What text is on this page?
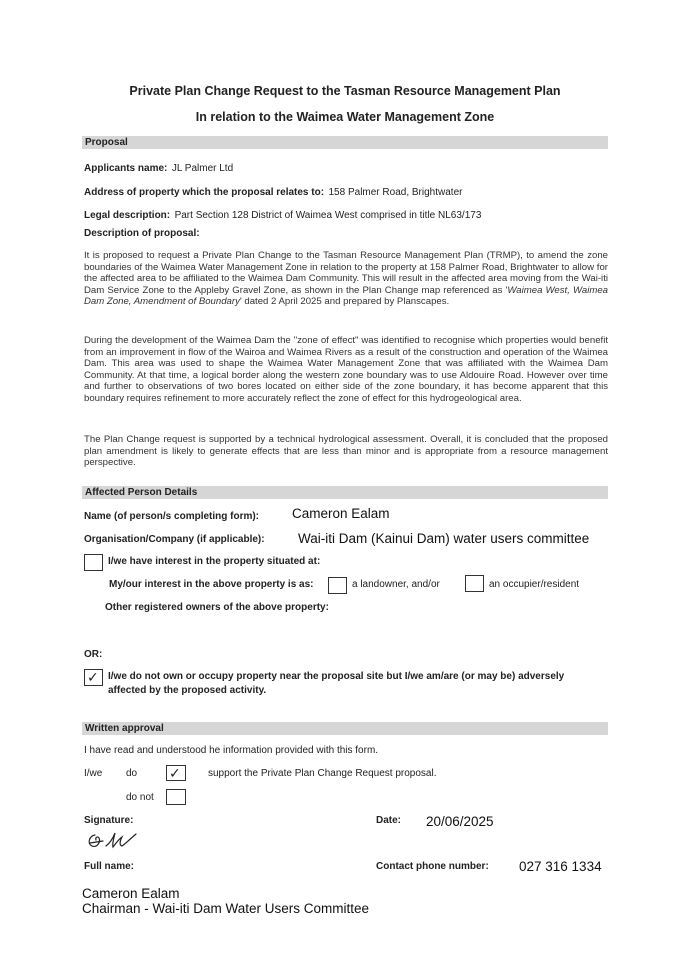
Private Plan Change Request to the Tasman Resource Management Plan
In relation to the Waimea Water Management Zone
Proposal
Applicants name: JL Palmer Ltd
Address of property which the proposal relates to: 158 Palmer Road, Brightwater
Legal description: Part Section 128 District of Waimea West comprised in title NL63/173
Description of proposal:
It is proposed to request a Private Plan Change to the Tasman Resource Management Plan (TRMP), to amend the zone boundaries of the Waimea Water Management Zone in relation to the property at 158 Palmer Road, Brightwater to allow for the affected area to be affiliated to the Waimea Dam Community. This will result in the affected area moving from the Wai-iti Dam Service Zone to the Appleby Gravel Zone, as shown in the Plan Change map referenced as 'Waimea West, Waimea Dam Zone, Amendment of Boundary' dated 2 April 2025 and prepared by Planscapes.
During the development of the Waimea Dam the "zone of effect" was identified to recognise which properties would benefit from an improvement in flow of the Wairoa and Waimea Rivers as a result of the construction and operation of the Waimea Dam. This area was used to shape the Waimea Water Management Zone that was affiliated with the Waimea Dam Community. At that time, a logical border along the western zone boundary was to use Aldouire Road. However over time and further to observations of two bores located on either side of the zone boundary, it has become apparent that this boundary requires refinement to more accurately reflect the zone of effect for this hydrogeological area.
The Plan Change request is supported by a technical hydrological assessment. Overall, it is concluded that the proposed plan amendment is likely to generate effects that are less than minor and is appropriate from a resource management perspective.
Affected Person Details
Name (of person/s completing form): Cameron Ealam
Organisation/Company (if applicable): Wai-iti Dam (Kainui Dam) water users committee
I/we have interest in the property situated at:
My/our interest in the above property is as:	a landowner, and/or	an occupier/resident
Other registered owners of the above property:
OR:
✓ I/we do not own or occupy property near the proposal site but I/we am/are (or may be) adversely
affected by the proposed activity.
Written approval
I have read and understood he information provided with this form.
I/we do ✓	support the Private Plan Change Request proposal.
do not
Signature:	Date: 20/06/2025
Full name:	Contact phone number: 027 316 1334
Cameron Ealam
Chairman - Wai-iti Dam Water Users Committee
